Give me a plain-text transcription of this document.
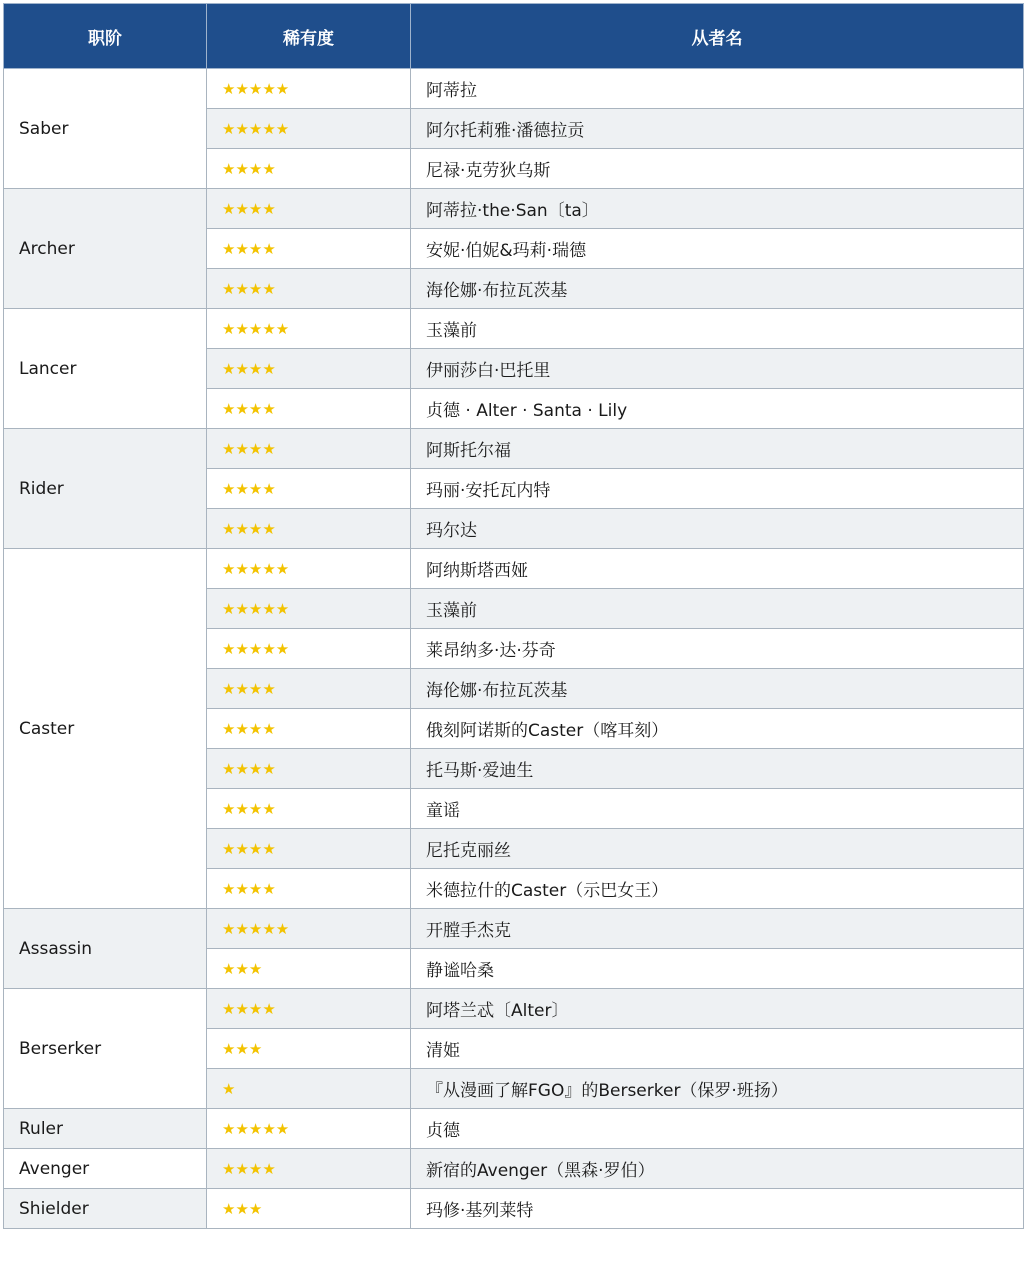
职阶	稀有度	从者名
Saber	★★★★★	阿蒂拉
	★★★★★	阿尔托莉雅·潘德拉贡
	★★★★	尼禄·克劳狄乌斯
Archer	★★★★	阿蒂拉·the·San〔ta〕
	★★★★	安妮·伯妮&玛莉·瑞德
	★★★★	海伦娜·布拉瓦茨基
Lancer	★★★★★	玉藻前
	★★★★	伊丽莎白·巴托里
	★★★★	贞德 · Alter · Santa · Lily
Rider	★★★★	阿斯托尔福
	★★★★	玛丽·安托瓦内特
	★★★★	玛尔达
Caster	★★★★★	阿纳斯塔西娅
	★★★★★	玉藻前
	★★★★★	莱昂纳多·达·芬奇
	★★★★	海伦娜·布拉瓦茨基
	★★★★	俄刻阿诺斯的Caster（喀耳刻）
	★★★★	托马斯·爱迪生
	★★★★	童谣
	★★★★	尼托克丽丝
	★★★★	米德拉什的Caster（示巴女王）
Assassin	★★★★★	开膛手杰克
	★★★	静谧哈桑
Berserker	★★★★	阿塔兰忒〔Alter〕
	★★★	清姫
	★	『从漫画了解FGO』的Berserker（保罗·班扬）
Ruler	★★★★★	贞德
Avenger	★★★★	新宿的Avenger（黑森·罗伯）
Shielder	★★★	玛修·基列莱特
